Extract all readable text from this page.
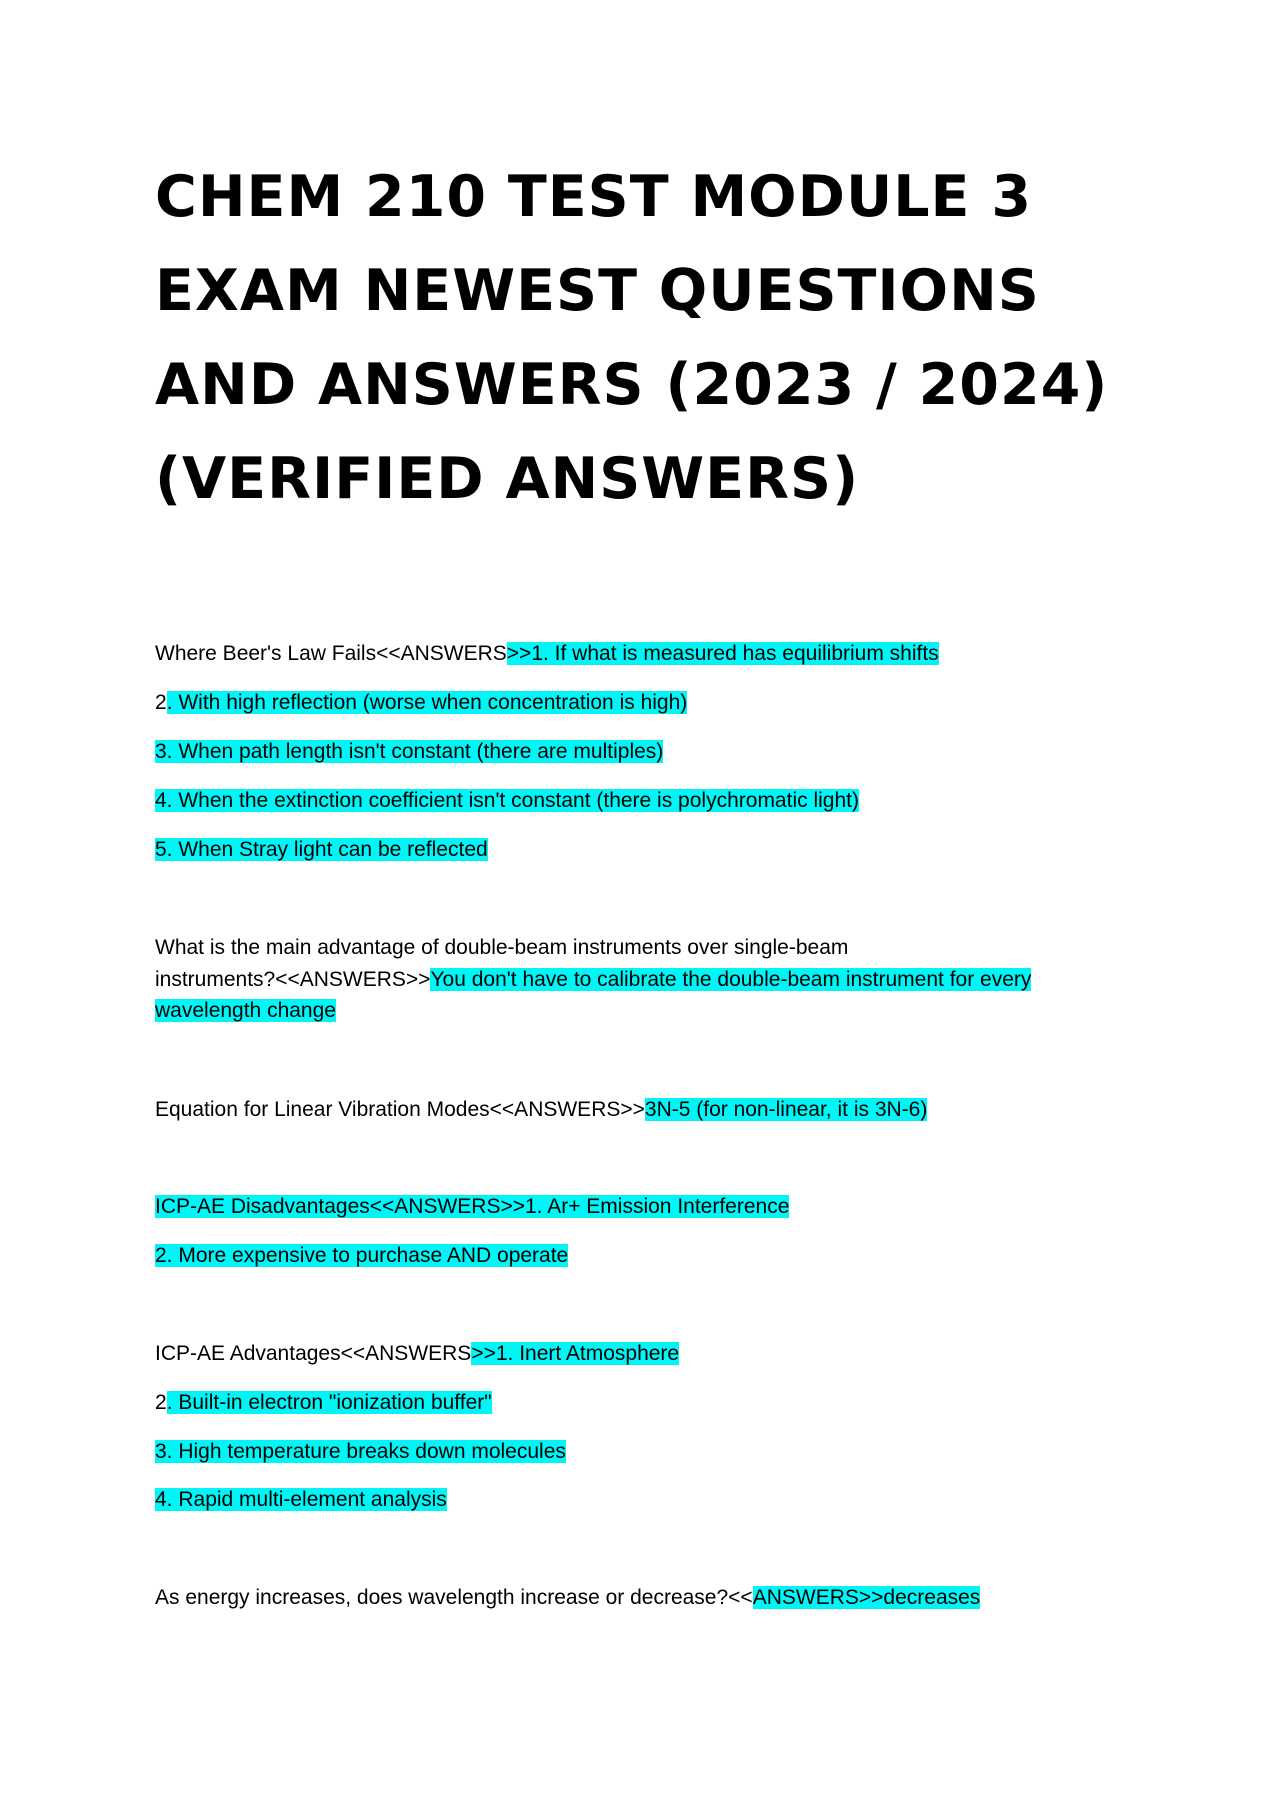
CHEM 210 TEST MODULE 3
EXAM NEWEST QUESTIONS
AND ANSWERS (2023 / 2024)
(VERIFIED ANSWERS)
Where Beer's Law Fails<<ANSWERS>>1. If what is measured has equilibrium shifts
2. With high reflection (worse when concentration is high)
3. When path length isn't constant (there are multiples)
4. When the extinction coefficient isn't constant (there is polychromatic light)
5. When Stray light can be reflected
What is the main advantage of double-beam instruments over single-beam
instruments?<<ANSWERS>>You don't have to calibrate the double-beam instrument for every
wavelength change
Equation for Linear Vibration Modes<<ANSWERS>>3N-5 (for non-linear, it is 3N-6)
ICP-AE Disadvantages<<ANSWERS>>1. Ar+ Emission Interference
2. More expensive to purchase AND operate
ICP-AE Advantages<<ANSWERS>>1. Inert Atmosphere
2. Built-in electron "ionization buffer"
3. High temperature breaks down molecules
4. Rapid multi-element analysis
As energy increases, does wavelength increase or decrease?<<ANSWERS>>decreases
